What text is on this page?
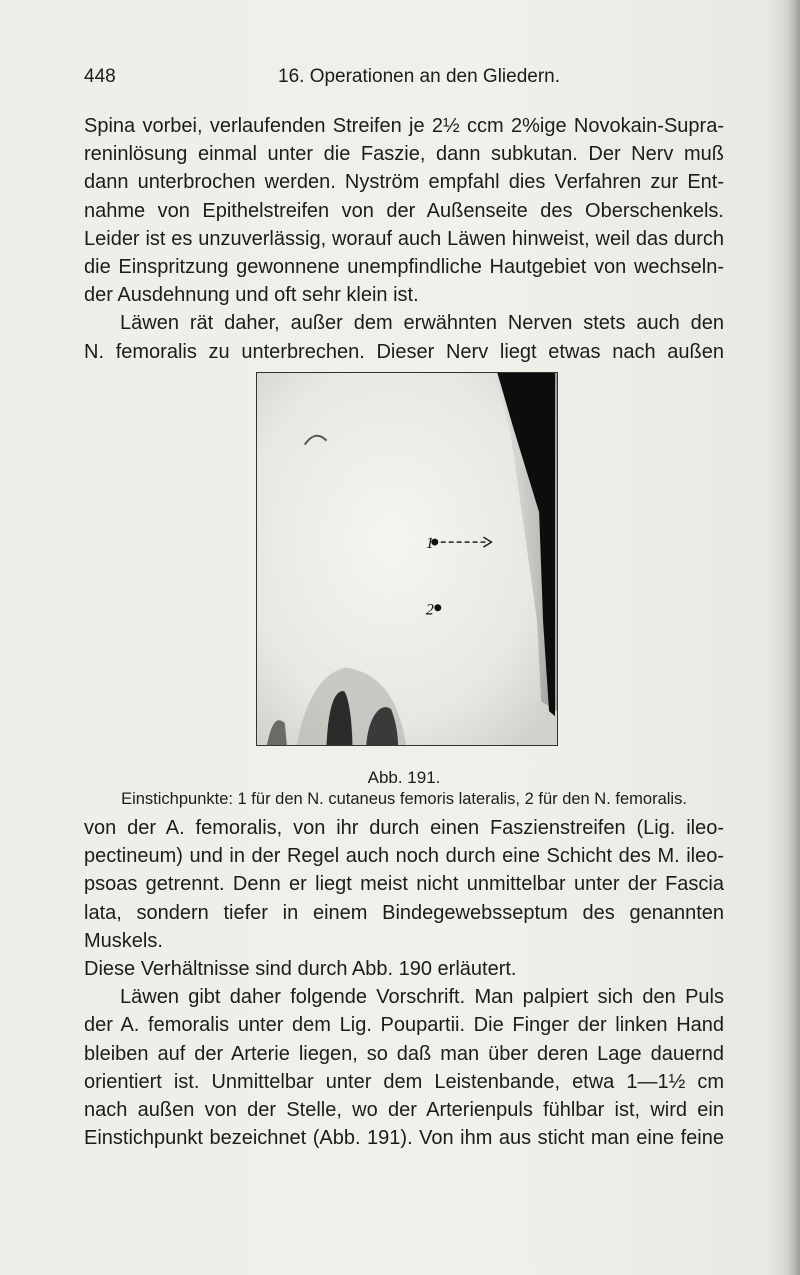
448	16. Operationen an den Gliedern.

Spina vorbei, verlaufenden Streifen je 2½ ccm 2%ige Novokain-Supra-
reninlösung einmal unter die Faszie, dann subkutan. Der Nerv muß
dann unterbrochen werden. Nyström empfahl dies Verfahren zur Ent-
nahme von Epithelstreifen von der Außenseite des Oberschenkels.
Leider ist es unzuverlässig, worauf auch Läwen hinweist, weil das durch
die Einspritzung gewonnene unempfindliche Hautgebiet von wechseln-
der Ausdehnung und oft sehr klein ist.
Läwen rät daher, außer dem erwähnten Nerven stets auch den
N. femoralis zu unterbrechen. Dieser Nerv liegt etwas nach außen

1
2
Abb. 191.
Einstichpunkte: 1 für den N. cutaneus femoris lateralis, 2 für den N. femoralis.

von der A. femoralis, von ihr durch einen Faszienstreifen (Lig. ileo-
pectineum) und in der Regel auch noch durch eine Schicht des M. ileo-
psoas getrennt. Denn er liegt meist nicht unmittelbar unter der Fascia
lata, sondern tiefer in einem Bindegewebsseptum des genannten Muskels.
Diese Verhältnisse sind durch Abb. 190 erläutert.
Läwen gibt daher folgende Vorschrift. Man palpiert sich den Puls
der A. femoralis unter dem Lig. Poupartii. Die Finger der linken Hand
bleiben auf der Arterie liegen, so daß man über deren Lage dauernd
orientiert ist. Unmittelbar unter dem Leistenbande, etwa 1—1½ cm
nach außen von der Stelle, wo der Arterienpuls fühlbar ist, wird ein
Einstichpunkt bezeichnet (Abb. 191). Von ihm aus sticht man eine feine
